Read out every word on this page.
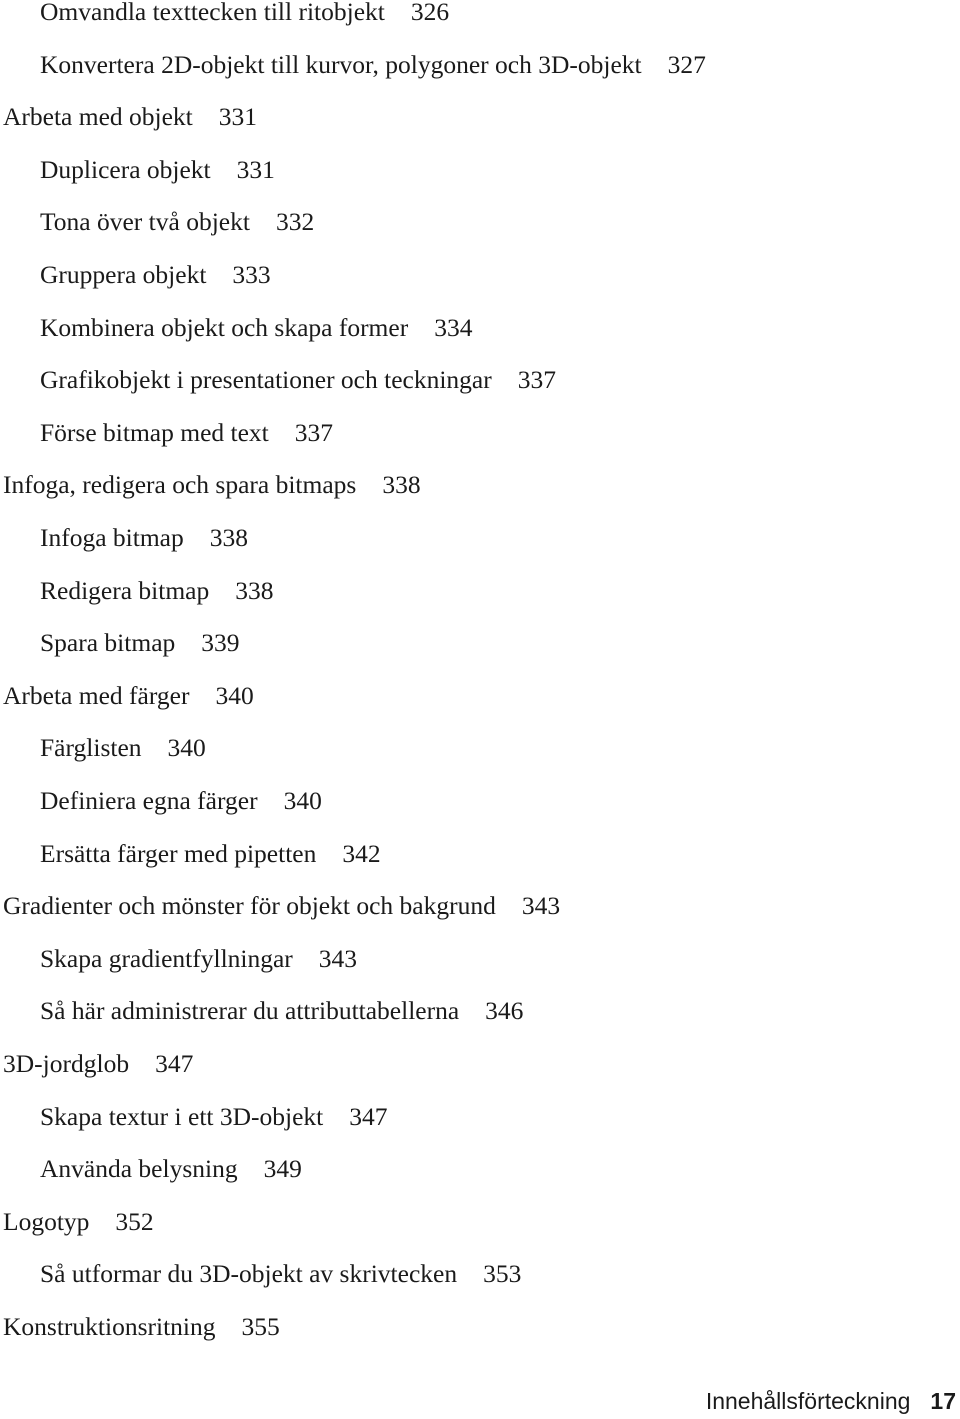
Omvandla texttecken till ritobjekt 326
Konvertera 2D-objekt till kurvor, polygoner och 3D-objekt 327
Arbeta med objekt 331
Duplicera objekt 331
Tona över två objekt 332
Gruppera objekt 333
Kombinera objekt och skapa former 334
Grafikobjekt i presentationer och teckningar 337
Förse bitmap med text 337
Infoga, redigera och spara bitmaps 338
Infoga bitmap 338
Redigera bitmap 338
Spara bitmap 339
Arbeta med färger 340
Färglisten 340
Definiera egna färger 340
Ersätta färger med pipetten 342
Gradienter och mönster för objekt och bakgrund 343
Skapa gradientfyllningar 343
Så här administrerar du attributtabellerna 346
3D-jordglob 347
Skapa textur i ett 3D-objekt 347
Använda belysning 349
Logotyp 352
Så utformar du 3D-objekt av skrivtecken 353
Konstruktionsritning 355
Innehållsförteckning 17
